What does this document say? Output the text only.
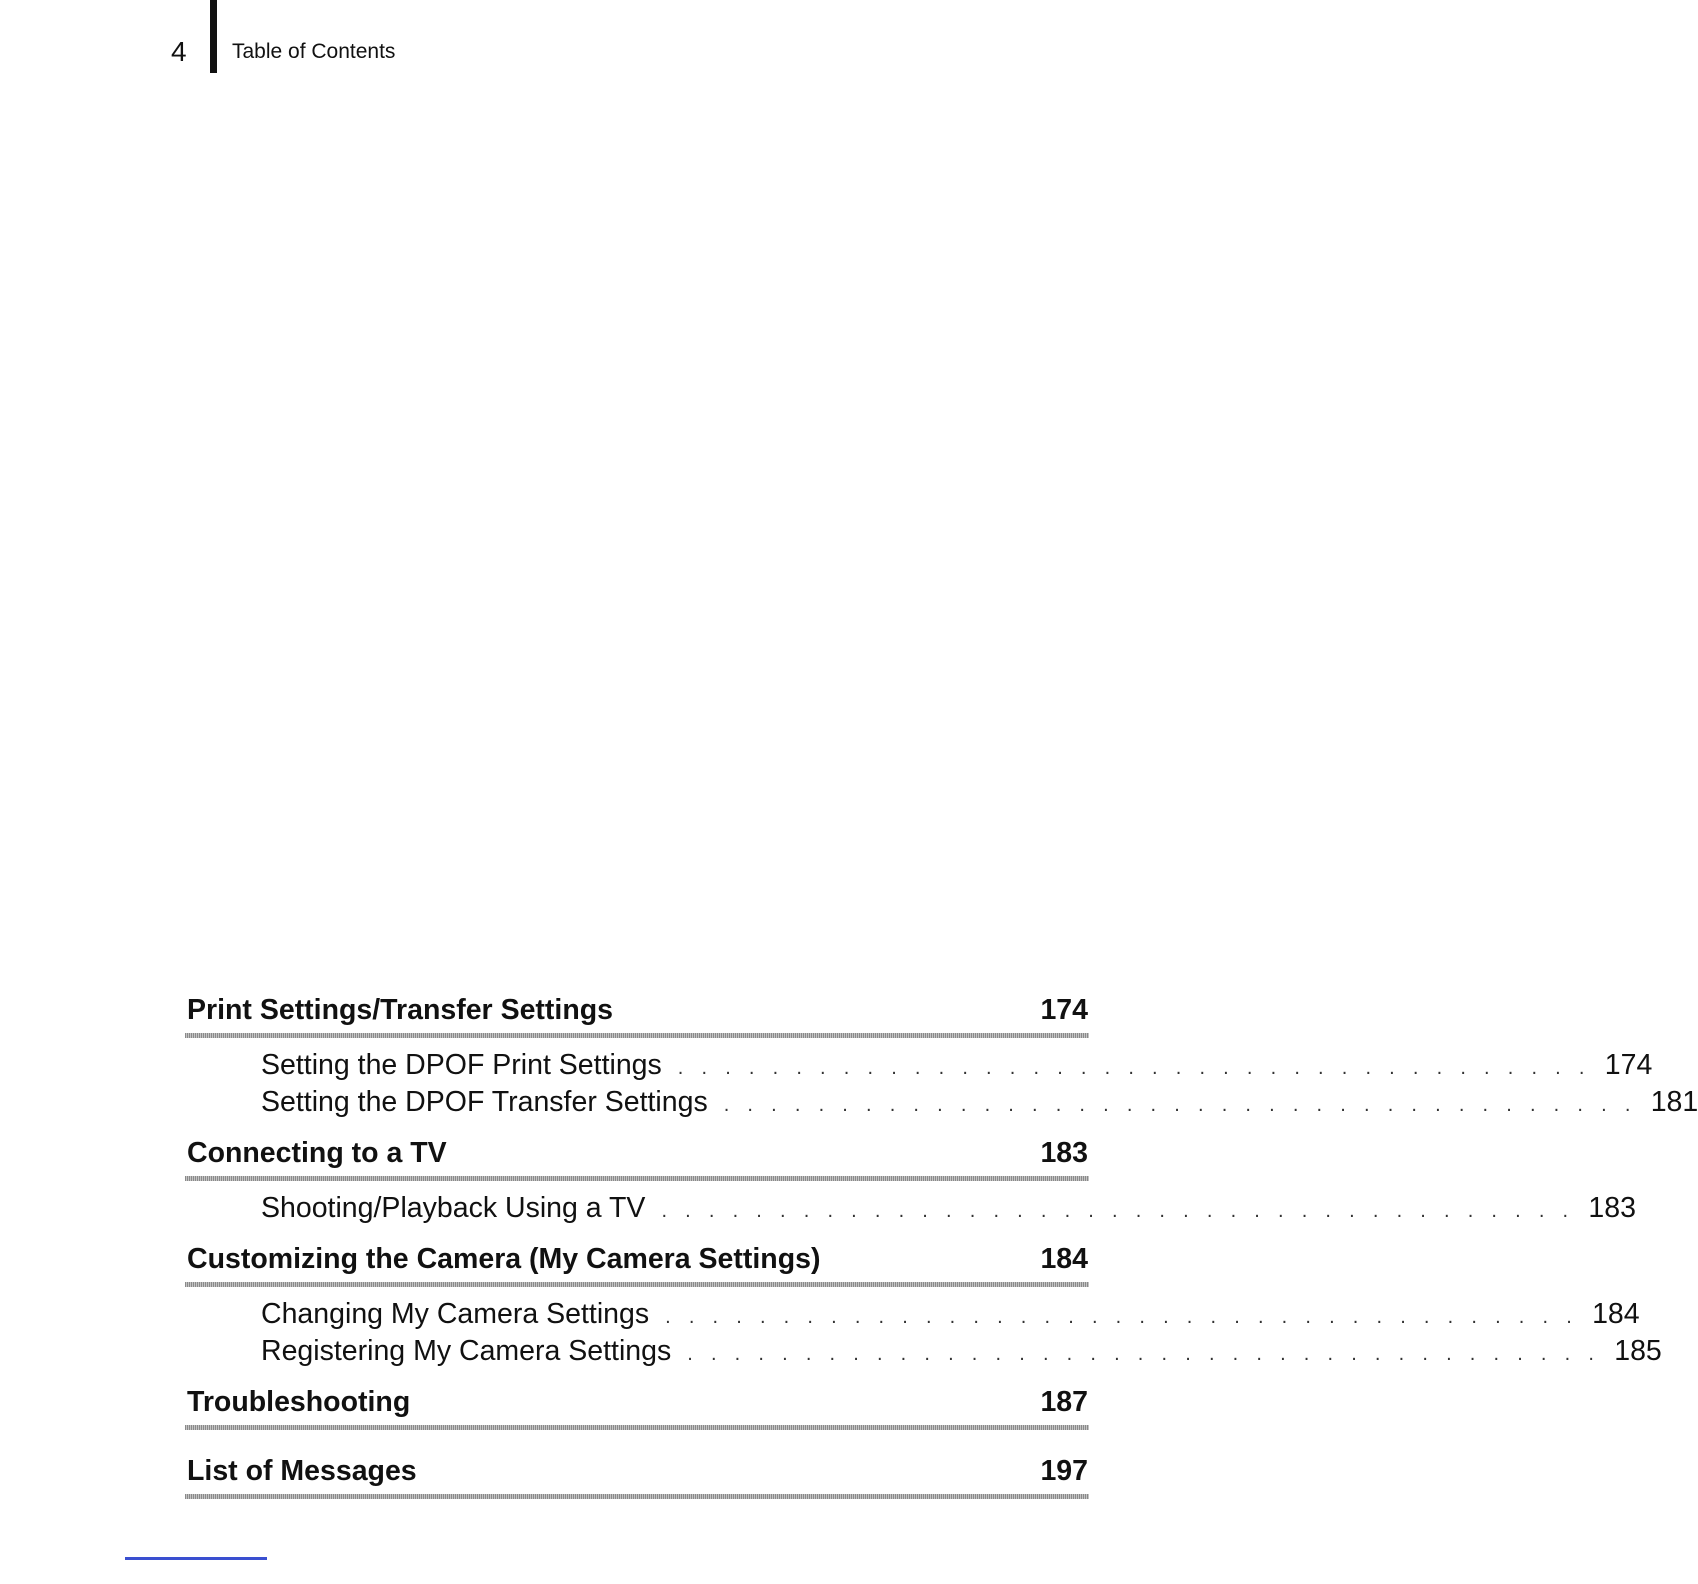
4 Table of Contents
Print Settings/Transfer Settings	174
Setting the DPOF Print Settings . . . . . . . . . . . . . . . . . . . . . . . . . . . . . . . . . . . . . . . 174
Setting the DPOF Transfer Settings . . . . . . . . . . . . . . . . . . . . . . . . . . . . . . . . . . . . . . . 181
Connecting to a TV	183
Shooting/Playback Using a TV . . . . . . . . . . . . . . . . . . . . . . . . . . . . . . . . . . . . . . . 183
Customizing the Camera (My Camera Settings)	184
Changing My Camera Settings . . . . . . . . . . . . . . . . . . . . . . . . . . . . . . . . . . . . . . . 184
Registering My Camera Settings . . . . . . . . . . . . . . . . . . . . . . . . . . . . . . . . . . . . . . . 185
Troubleshooting	187
List of Messages	197
